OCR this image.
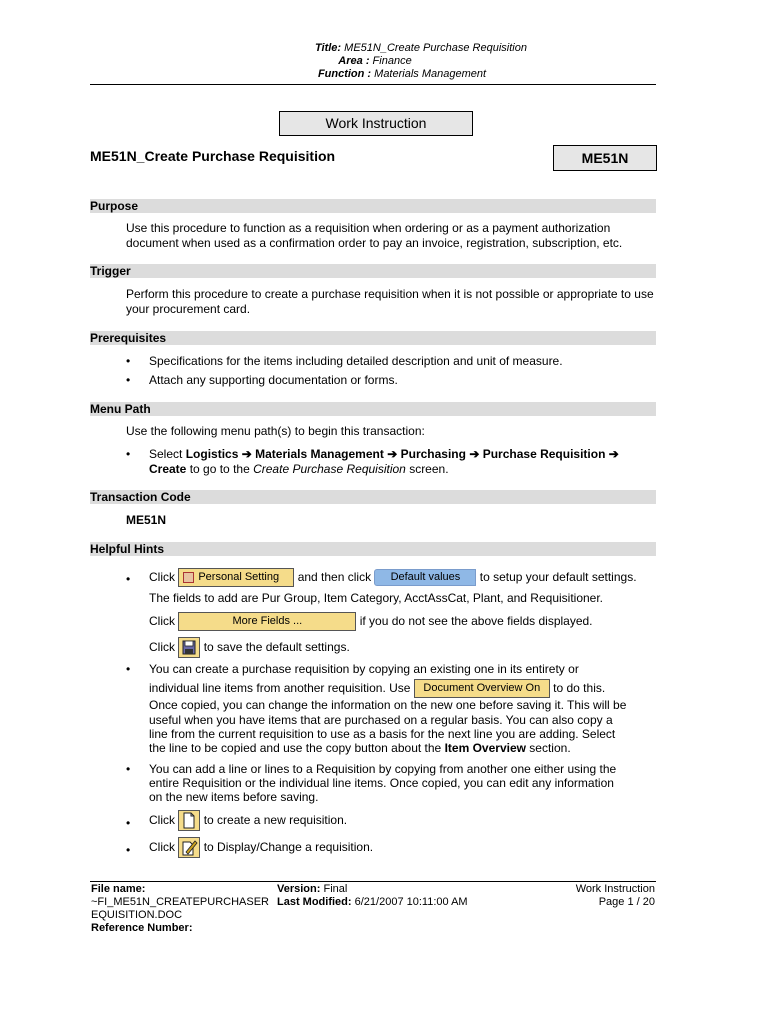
Title: ME51N_Create Purchase Requisition
Area : Finance
Function : Materials Management
Work Instruction
ME51N_Create Purchase Requisition	ME51N
Purpose
Use this procedure to function as a requisition when ordering or as a payment authorization document when used as a confirmation order to pay an invoice, registration, subscription, etc.
Trigger
Perform this procedure to create a purchase requisition when it is not possible or appropriate to use your procurement card.
Prerequisites
•	Specifications for the items including detailed description and unit of measure.
•	Attach any supporting documentation or forms.
Menu Path
Use the following menu path(s) to begin this transaction:
•	Select Logistics ➔ Materials Management ➔ Purchasing ➔ Purchase Requisition ➔
Create to go to the Create Purchase Requisition screen.
Transaction Code
ME51N
Helpful Hints
•	Click Personal Setting and then click Default values to setup your default settings.
The fields to add are Pur Group, Item Category, AcctAssCat, Plant, and Requisitioner.
Click	More Fields ...	if you do not see the above fields displayed.
Click to save the default settings.
•	You can create a purchase requisition by copying an existing one in its entirety or
individual line items from another requisition. Use Document Overview On to do this.
Once copied, you can change the information on the new one before saving it. This will be
useful when you have items that are purchased on a regular basis. You can also copy a
line from the current requisition to use as a basis for the next line you are adding. Select
the line to be copied and use the copy button about the Item Overview section.
•	You can add a line or lines to a Requisition by copying from another one either using the
entire Requisition or the individual line items. Once copied, you can edit any information
on the new items before saving.
•	Click to create a new requisition.
•	Click to Display/Change a requisition.
File name:
~FI_ME51N_CREATEPURCHASER
EQUISITION.DOC
Reference Number:
Version: Final
Last Modified: 6/21/2007 10:11:00 AM
Work Instruction
Page 1 / 20
